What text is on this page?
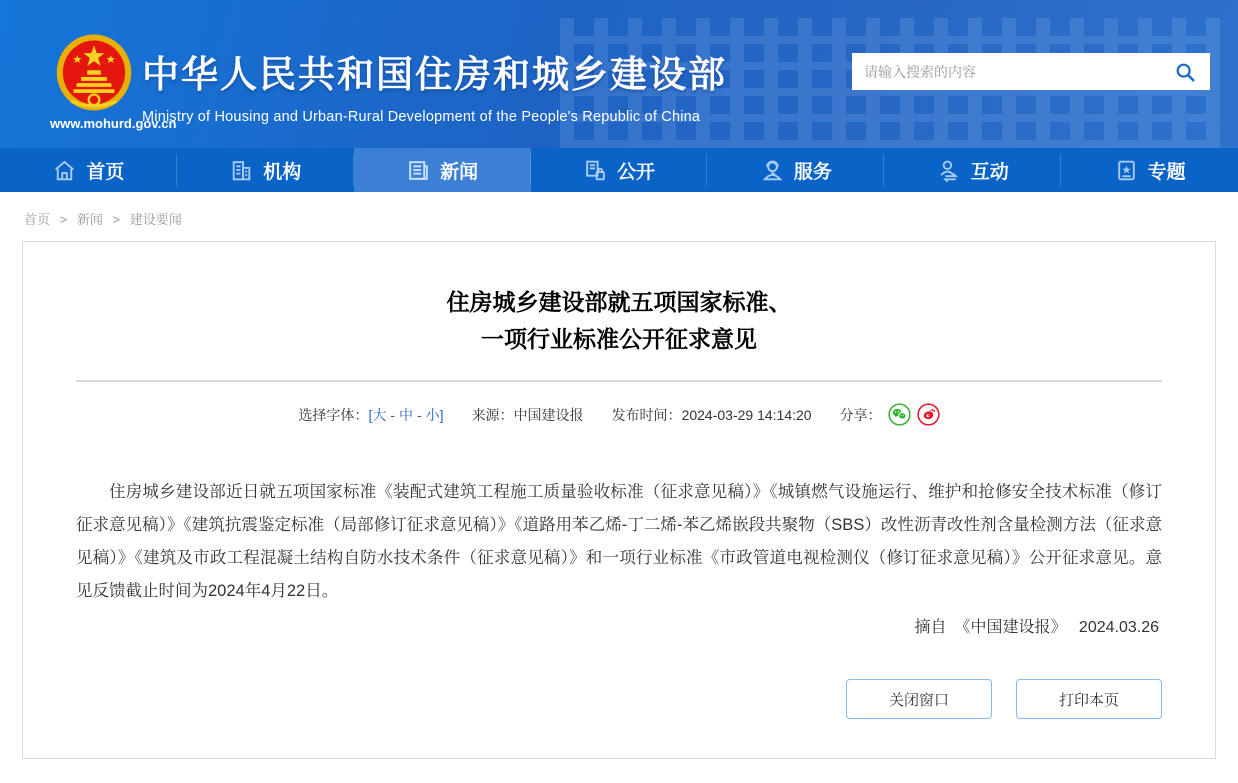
www.mohurd.gov.cn
中华人民共和国住房和城乡建设部
Ministry of Housing and Urban-Rural Development of the People's Republic of China
请输入搜索的内容
首页	机构	新闻	公开	服务	互动	专题
首页 > 新闻 > 建设要闻
住房城乡建设部就五项国家标准、
一项行业标准公开征求意见
选择字体：[大 - 中 - 小] 来源： 中国建设报 发布时间： 2024-03-29 14:14:20 分享：

住房城乡建设部近日就五项国家标准《装配式建筑工程施工质量验收标准（征求意见稿）》《城镇燃气设施运行、维护和抢修安全技术标准（修订征求意见稿）》《建筑抗震鉴定标准（局部修订征求意见稿）》《道路用苯乙烯-丁二烯-苯乙烯嵌段共聚物（SBS）改性沥青改性剂含量检测方法（征求意见稿）》《建筑及市政工程混凝土结构自防水技术条件（征求意见稿）》和一项行业标准《市政管道电视检测仪（修订征求意见稿）》公开征求意见。意见反馈截止时间为2024年4月22日。

摘自　《中国建设报》　 2024.03.26
关闭窗口	打印本页
